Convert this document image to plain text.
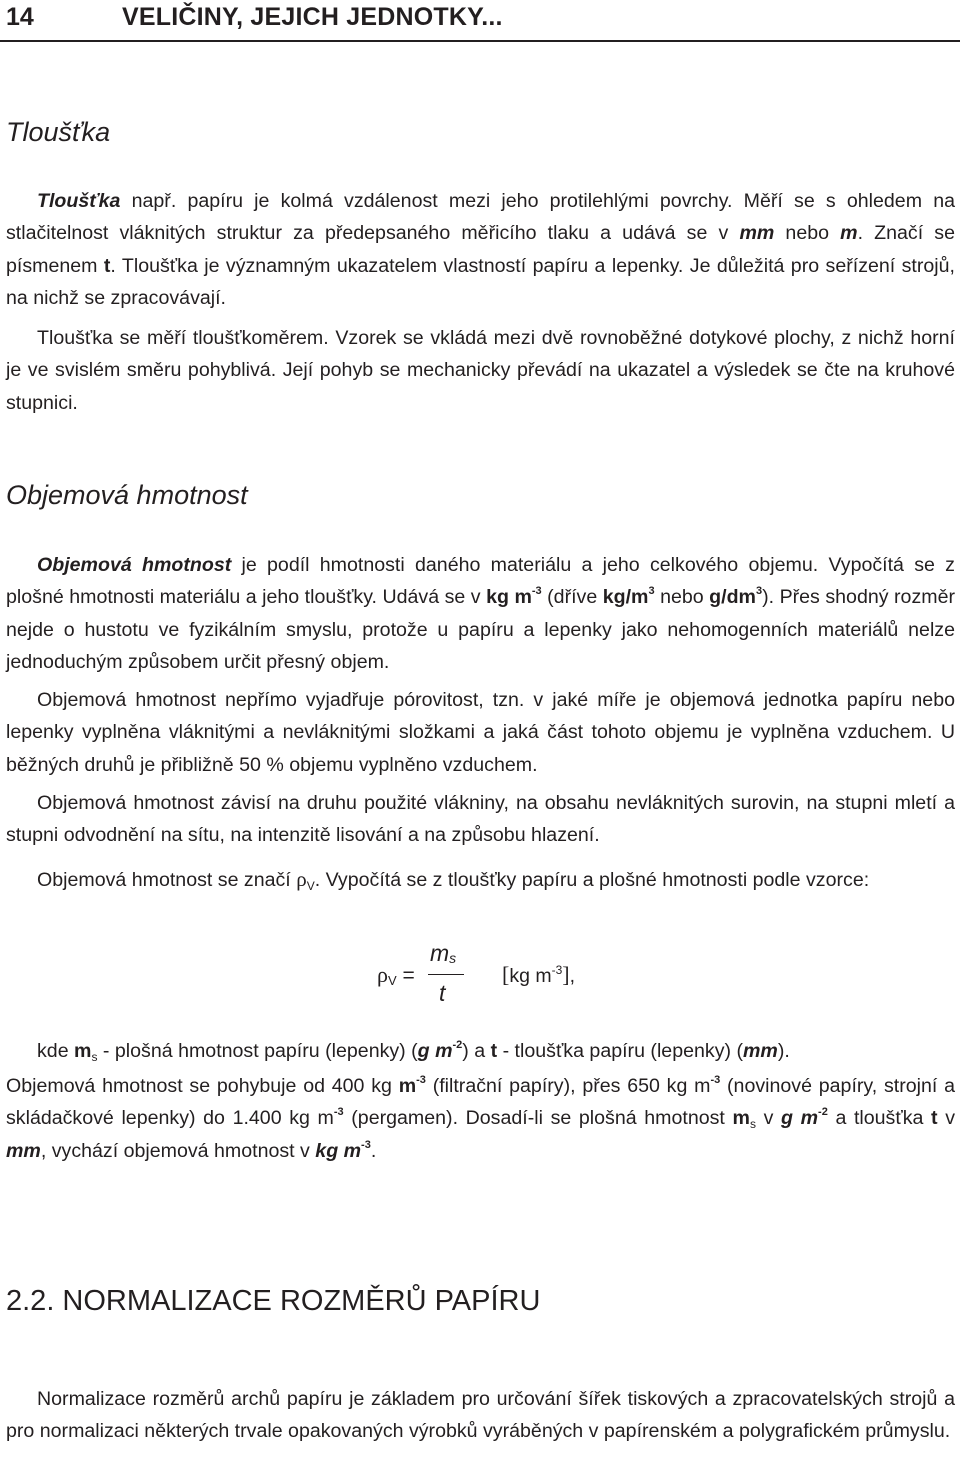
14	VELIČINY, JEJICH JEDNOTKY...
Tloušťka

Tloušťka např. papíru je kolmá vzdálenost mezi jeho protilehlými povrchy. Měří se s ohledem na stlačitelnost vláknitých struktur za předepsaného měřicího tlaku a udává se v mm nebo m. Značí se písmenem t. Tloušťka je významným ukazatelem vlastností papíru a lepenky. Je důležitá pro seřízení strojů, na nichž se zpracovávají.

Tloušťka se měří tloušťkoměrem. Vzorek se vkládá mezi dvě rovnoběžné dotykové plochy, z nichž horní je ve svislém směru pohyblivá. Její pohyb se mechanicky převádí na ukazatel a výsledek se čte na kruhové stupnici.

Objemová hmotnost

Objemová hmotnost je podíl hmotnosti daného materiálu a jeho celkového objemu. Vypočítá se z plošné hmotnosti materiálu a jeho tloušťky. Udává se v kg $m^{-3}$ (dříve $kg/m^3$ nebo $g/dm^3$). Přes shodný rozměr nejde o hustotu ve fyzikálním smyslu, protože u papíru a lepenky jako nehomogenních materiálů nelze jednoduchým způsobem určit přesný objem.

Objemová hmotnost nepřímo vyjadřuje pórovitost, tzn. v jaké míře je objemová jednotka papíru nebo lepenky vyplněna vláknitými a nevláknitými složkami a jaká část tohoto objemu je vyplněna vzduchem. U běžných druhů je přibližně 50 % objemu vyplněno vzduchem.

Objemová hmotnost závisí na druhu použité vlákniny, na obsahu nevláknitých surovin, na stupni mletí a stupni odvodnění na sítu, na intenzitě lisování a na způsobu hlazení.

Objemová hmotnost se značí $\rho_V$. Vypočítá se z tloušťky papíru a plošné hmotnosti podle vzorce:

$\rho_V$ =
$m_s$
t
[kg $m^{-3}$],

kde $m_s$ - plošná hmotnost papíru (lepenky) (g $m^{-2}$) a t - tloušťka papíru (lepenky) (mm).

Objemová hmotnost se pohybuje od 400 kg $m^{-3}$ (filtrační papíry), přes 650 kg $m^{-3}$ (novinové papíry, strojní a skládačkové lepenky) do 1.400 kg $m^{-3}$ (pergamen). Dosadí-li se plošná hmotnost $m_s$ v g $m^{-2}$ a tloušťka t v mm, vychází objemová hmotnost v kg $m^{-3}$.

2.2. NORMALIZACE ROZMĚRŮ PAPÍRU

Normalizace rozměrů archů papíru je základem pro určování šířek tiskových a zpracovatelských strojů a pro normalizaci některých trvale opakovaných výrobků vyráběných v papírenském a polygrafickém průmyslu.
